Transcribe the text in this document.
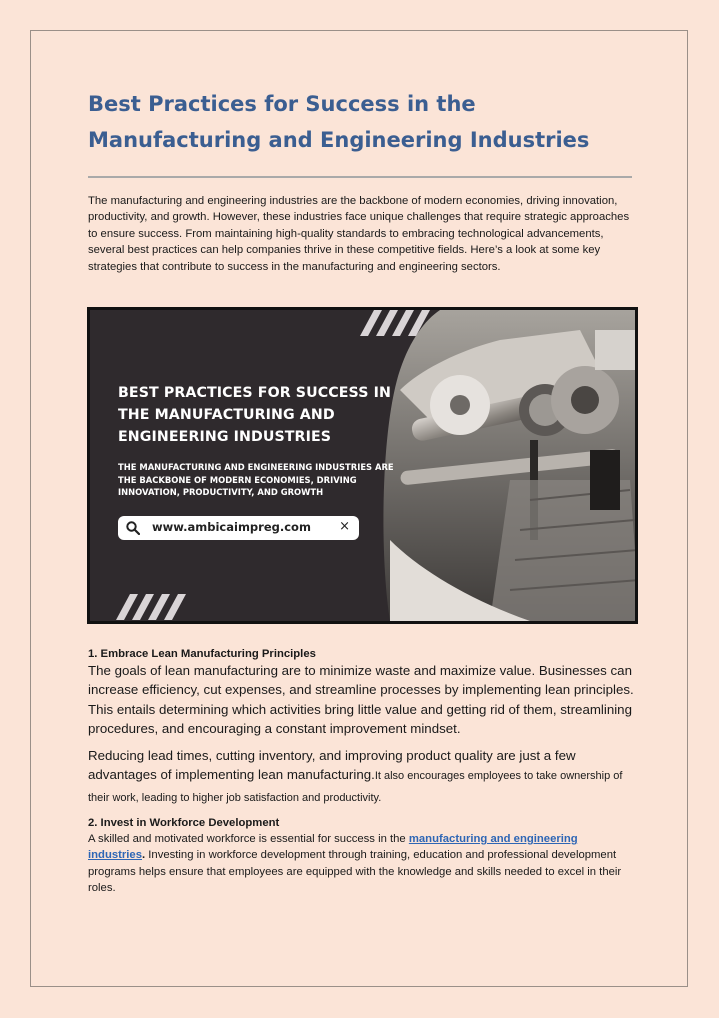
Best Practices for Success in the Manufacturing and Engineering Industries

The manufacturing and engineering industries are the backbone of modern economies, driving innovation, productivity, and growth. However, these industries face unique challenges that require strategic approaches to ensure success. From maintaining high-quality standards to embracing technological advancements, several best practices can help companies thrive in these competitive fields. Here’s a look at some key strategies that contribute to success in the manufacturing and engineering sectors.

BEST PRACTICES FOR SUCCESS IN THE MANUFACTURING AND ENGINEERING INDUSTRIES

THE MANUFACTURING AND ENGINEERING INDUSTRIES ARE THE BACKBONE OF MODERN ECONOMIES, DRIVING INNOVATION, PRODUCTIVITY, AND GROWTH

www.ambicaimpreg.com ×
1. Embrace Lean Manufacturing Principles

The goals of lean manufacturing are to minimize waste and maximize value. Businesses can increase efficiency, cut expenses, and streamline processes by implementing lean principles. This entails determining which activities bring little value and getting rid of them, streamlining procedures, and encouraging a constant improvement mindset.

Reducing lead times, cutting inventory, and improving product quality are just a few advantages of implementing lean manufacturing.It also encourages employees to take ownership of their work, leading to higher job satisfaction and productivity.

2. Invest in Workforce Development

A skilled and motivated workforce is essential for success in the manufacturing and engineering industries. Investing in workforce development through training, education and professional development programs helps ensure that employees are equipped with the knowledge and skills needed to excel in their roles.
